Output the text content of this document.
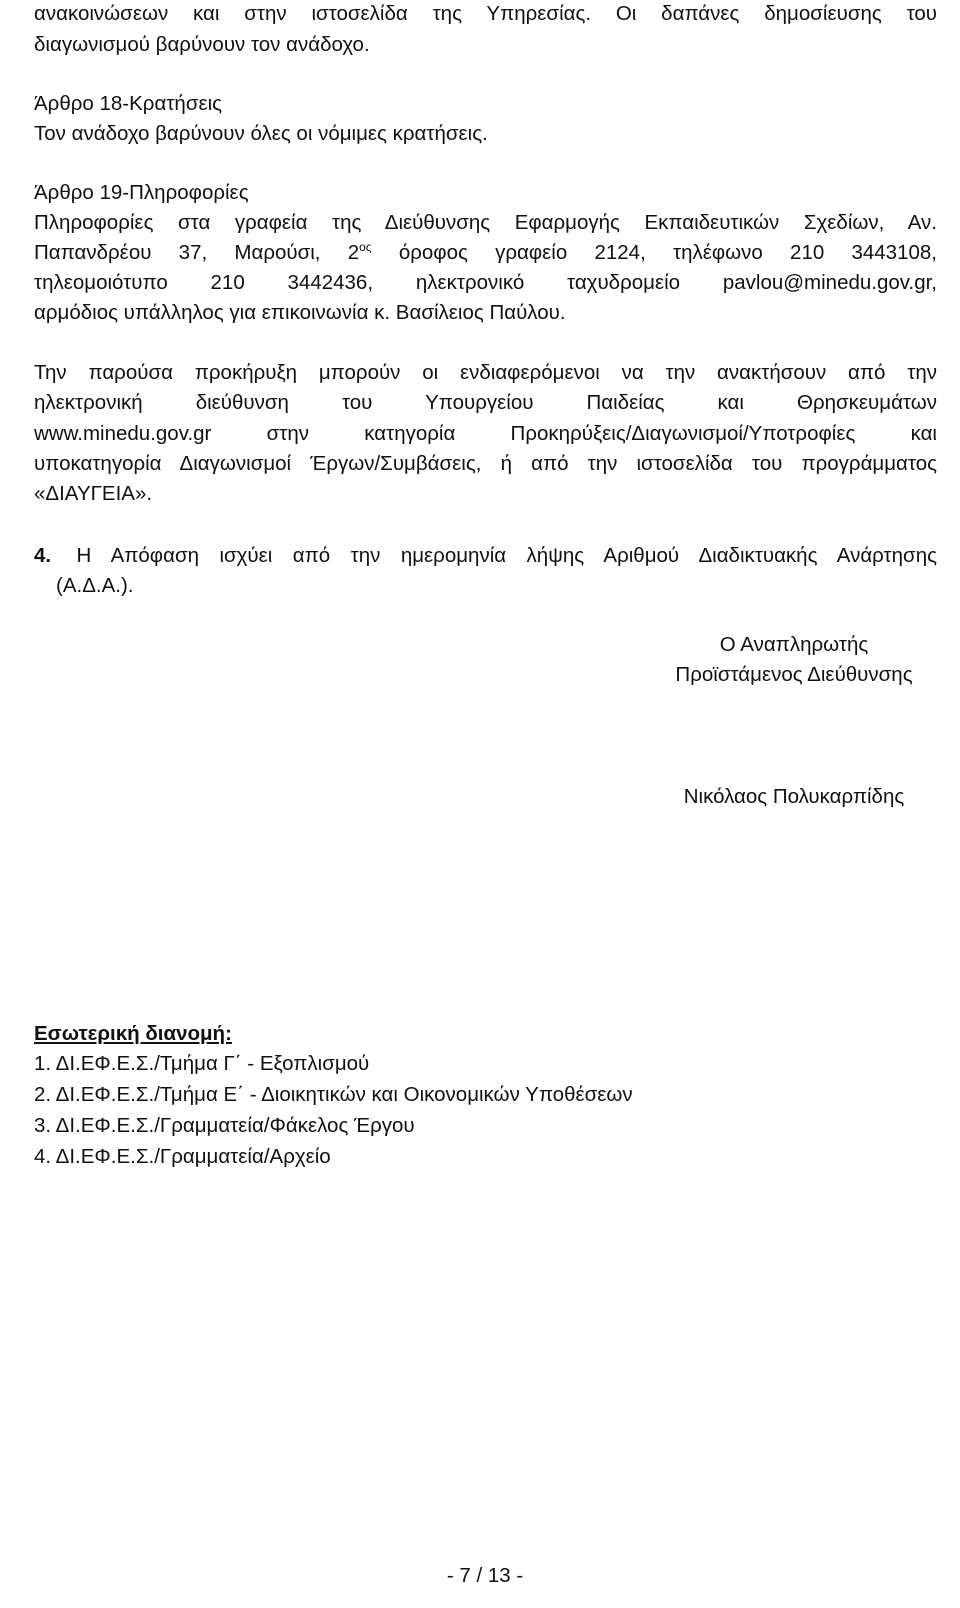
ανακοινώσεων και στην ιστοσελίδα της Υπηρεσίας. Οι δαπάνες δημοσίευσης του
διαγωνισμού βαρύνουν τον ανάδοχο.
Άρθρο 18-Κρατήσεις
Τον ανάδοχο βαρύνουν όλες οι νόμιμες κρατήσεις.
Άρθρο 19-Πληροφορίες
Πληροφορίες στα γραφεία της Διεύθυνσης Εφαρμογής Εκπαιδευτικών Σχεδίων, Αν.
Παπανδρέου 37, Μαρούσι, $2^{o\varsigma}$ όροφος γραφείο 2124, τηλέφωνο 210 3443108,
τηλεομοιότυπο 210 3442436, ηλεκτρονικό ταχυδρομείο pavlou@minedu.gov.gr,
αρμόδιος υπάλληλος για επικοινωνία κ. Βασίλειος Παύλου.
Την παρούσα προκήρυξη μπορούν οι ενδιαφερόμενοι να την ανακτήσουν από την
ηλεκτρονική διεύθυνση του Υπουργείου Παιδείας και Θρησκευμάτων
www.minedu.gov.gr στην κατηγορία Προκηρύξεις/Διαγωνισμοί/Υποτροφίες και
υποκατηγορία Διαγωνισμοί Έργων/Συμβάσεις, ή από την ιστοσελίδα του προγράμματος
«ΔΙΑΥΓΕΙΑ».
4. Η Απόφαση ισχύει από την ημερομηνία λήψης Αριθμού Διαδικτυακής Ανάρτησης
(Α.Δ.Α.).
Ο Αναπληρωτής
Προϊστάμενος Διεύθυνσης
Νικόλαος Πολυκαρπίδης
Εσωτερική διανομή:
1. ΔΙ.ΕΦ.Ε.Σ./Τμήμα Γ΄ - Εξοπλισμού
2. ΔΙ.ΕΦ.Ε.Σ./Τμήμα Ε΄ - Διοικητικών και Οικονομικών Υποθέσεων
3. ΔΙ.ΕΦ.Ε.Σ./Γραμματεία/Φάκελος Έργου
4. ΔΙ.ΕΦ.Ε.Σ./Γραμματεία/Αρχείο
- 7 / 13 -
